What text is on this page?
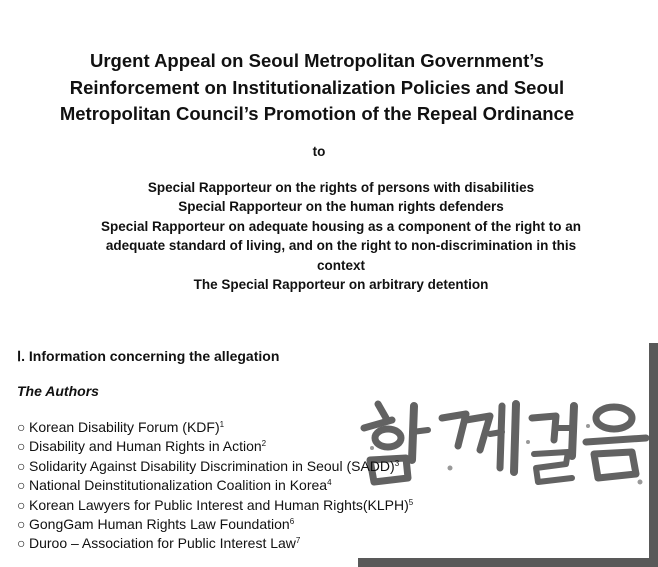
Urgent Appeal on Seoul Metropolitan Government’s
Reinforcement on Institutionalization Policies and Seoul
Metropolitan Council’s Promotion of the Repeal Ordinance
to
Special Rapporteur on the rights of persons with disabilities
Special Rapporteur on the human rights defenders
Special Rapporteur on adequate housing as a component of the right to an
adequate standard of living, and on the right to non-discrimination in this
context
The Special Rapporteur on arbitrary detention
Ⅰ. Information concerning the allegation
The Authors
○ Korean Disability Forum (KDF)$^1$
○ Disability and Human Rights in Action$^2$
○ Solidarity Against Disability Discrimination in Seoul (SADD)$^3$
○ National Deinstitutionalization Coalition in Korea$^4$
○ Korean Lawyers for Public Interest and Human Rights(KLPH)$^5$
○ GongGam Human Rights Law Foundation$^6$
○ Duroo – Association for Public Interest Law$^7$
